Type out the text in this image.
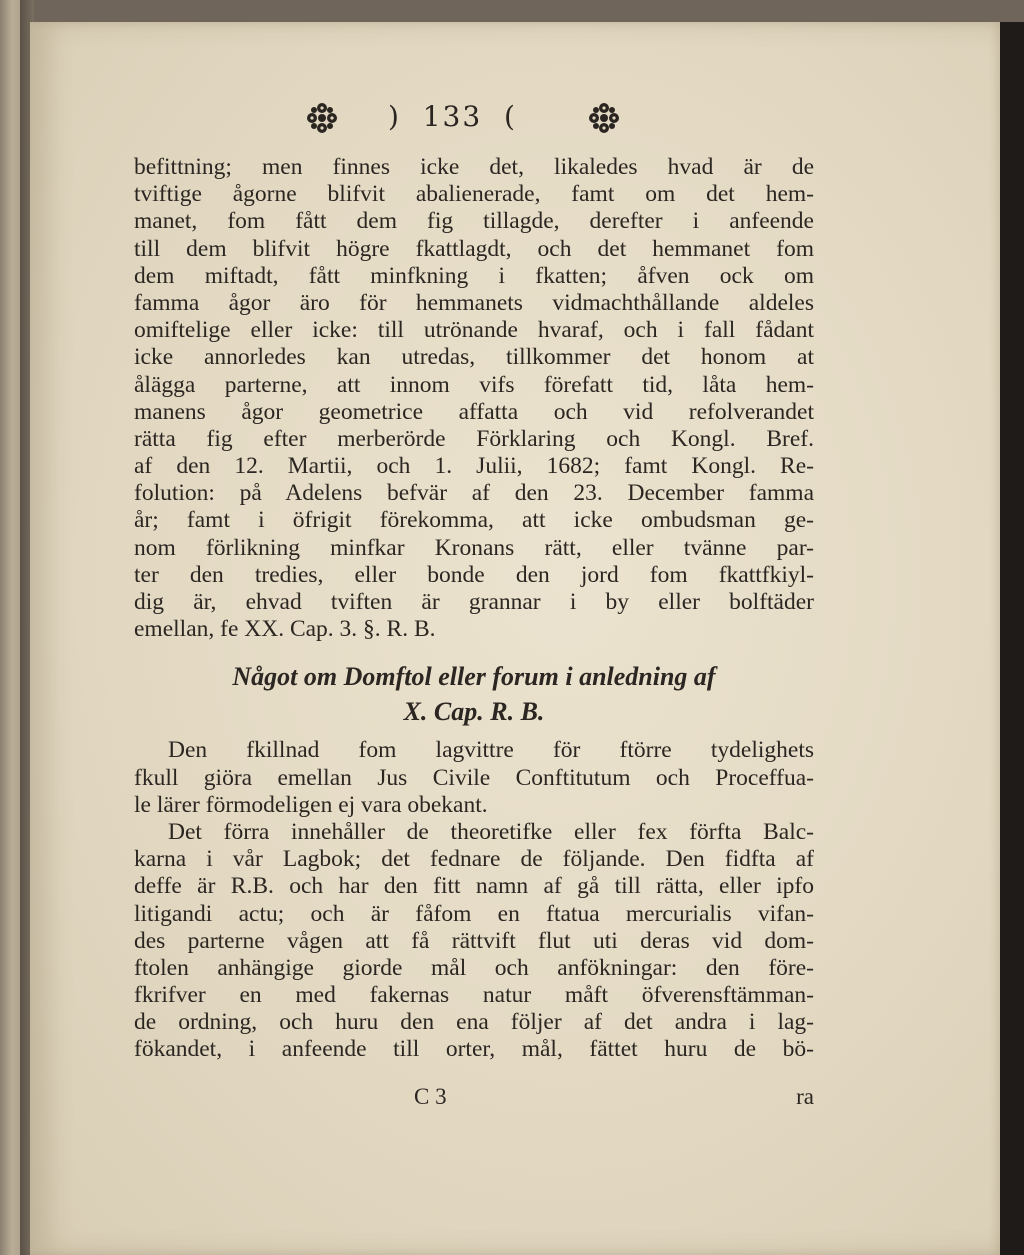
)  133  (
befittning; men finnes icke det, likaledes hvad är de
tviftige ågorne blifvit abalienerade, famt om det hem-
manet, fom fått dem fig tillagde, derefter i anfeende
till dem blifvit högre fkattlagdt, och det hemmanet fom
dem miftadt, fått minfkning i fkatten; åfven ock om
famma ågor äro för hemmanets vidmachthållande aldeles
omiftelige eller icke: till utrönande hvaraf, och i fall fådant
icke annorledes kan utredas, tillkommer det honom at
ålägga parterne, att innom vifs förefatt tid, låta hem-
manens ågor geometrice affatta och vid refolverandet
rätta fig efter merberörde Förklaring och Kongl. Bref.
af den 12. Martii, och 1. Julii, 1682; famt Kongl. Re-
folution: på Adelens befvär af den 23. December famma
år; famt i öfrigit förekomma, att icke ombudsman ge-
nom förlikning minfkar Kronans rätt, eller tvänne par-
ter den tredies, eller bonde den jord fom fkattfkiyl-
dig är, ehvad tviften är grannar i by eller bolftäder
emellan, fe XX. Cap. 3. §. R. B.
Något om Domftol eller forum i anledning af
X. Cap. R. B.
Den fkillnad fom lagvittre för ftörre tydelighets
fkull giöra emellan Jus Civile Conftitutum och Proceffua-
le lärer förmodeligen ej vara obekant.
Det förra innehåller de theoretifke eller fex förfta Balc-
karna i vår Lagbok; det fednare de följande. Den fidfta af
deffe är R.B. och har den fitt namn af gå till rätta, eller ipfo
litigandi actu; och är fåfom en ftatua mercurialis vifan-
des parterne vågen att få rättvift flut uti deras vid dom-
ftolen anhängige giorde mål och anfökningar: den före-
fkrifver en med fakernas natur måft öfverensftämman-
de ordning, och huru den ena följer af det andra i lag-
fökandet, i anfeende till orter, mål, fättet huru de bö-
C 3	ra
